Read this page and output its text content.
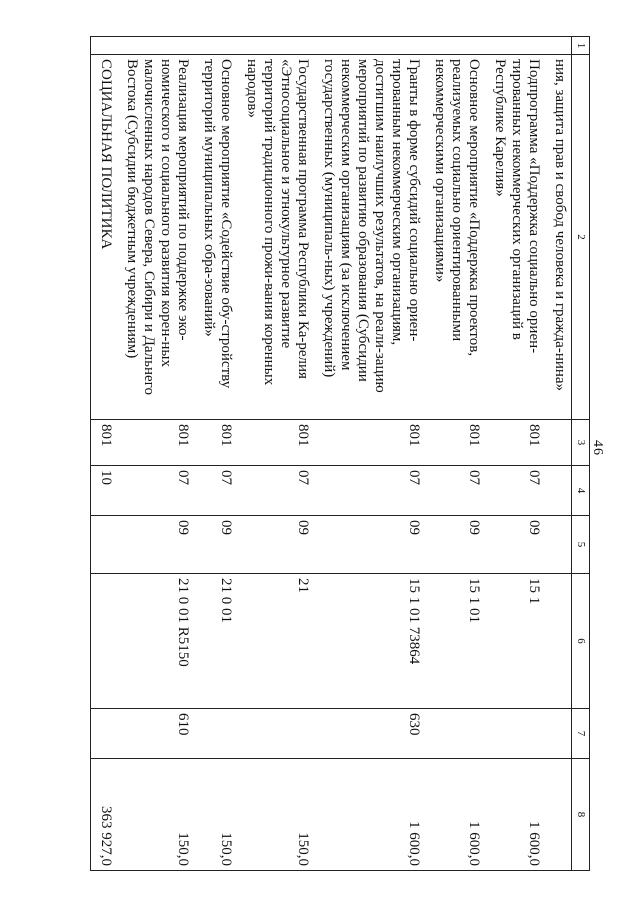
46
1	2	3	4	5	6	7	8
	ния, защита прав и свобод человека и гражда-нина»						
	Подпрограмма «Поддержка социально ориен-тированных некоммерческих организаций в Республике Карелия»	801	07	09	15 1		1 600,0
	Основное мероприятие «Поддержка проектов, реализуемых социально ориентированными некоммерческими организациями»	801	07	09	15 1 01		1 600,0
	Гранты в форме субсидий социально ориен-тированным некоммерческим организациям, достигшим наилучших результатов, на реали-зацию мероприятий по развитию образования (Субсидии некоммерческим организациям (за исключением государственных (муниципаль-ных) учреждений)	801	07	09	15 1 01 73864	630	1 600,0
	Государственная программа Республики Ка-релия «Этносоциальное и этнокультурное развитие территорий традиционного прожи-вания коренных народов»	801	07	09	21		150,0
	Основное мероприятие «Содействие обу-стройству территорий муниципальных обра-зований»	801	07	09	21 0 01		150,0
	Реализация мероприятий по поддержке эко-номического и социального развития корен-ных малочисленных народов Севера, Сибири и Дальнего Востока (Субсидии бюджетным учреждениям)	801	07	09	21 0 01 R5150	610	150,0
	СОЦИАЛЬНАЯ ПОЛИТИКА	801	10				363 927,0
